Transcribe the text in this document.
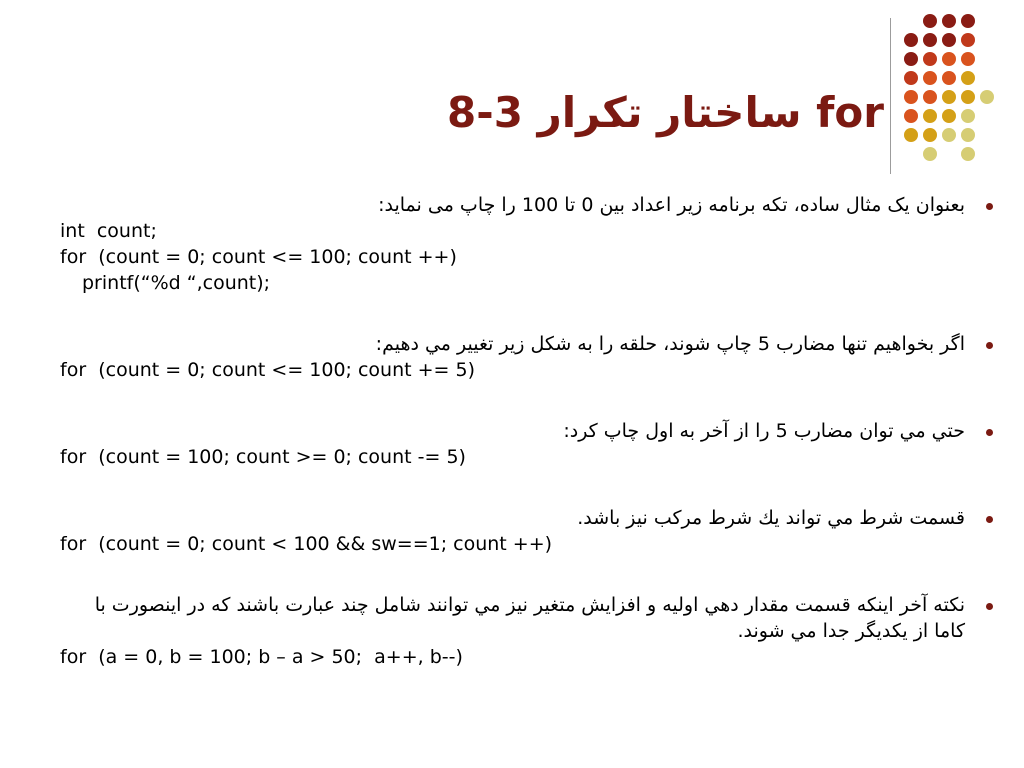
8-3 ساختار تکرار for
بعنوان یک مثال ساده، تکه برنامه زیر اعداد بین 0 تا 100 را چاپ می نماید:
int  count;
for  (count = 0; count <= 100; count ++)
printf(“%d “,count);
اگر بخواهيم تنها مضارب 5 چاپ شوند، حلقه را به شكل زير تغيير مي دهيم:
for  (count = 0; count <= 100; count += 5)
حتي مي توان مضارب 5 را از آخر به اول چاپ كرد:
for  (count = 100; count >= 0; count -= 5)
قسمت شرط مي تواند يك شرط مركب نيز باشد.
for  (count = 0; count < 100 && sw==1; count ++)
نكته آخر اينكه قسمت مقدار دهي اوليه و افزايش متغير نيز مي توانند شامل چند عبارت باشند كه در اينصورت با كاما از يكديگر جدا مي شوند.
for  (a = 0, b = 100; b – a > 50;  a++, b--)
